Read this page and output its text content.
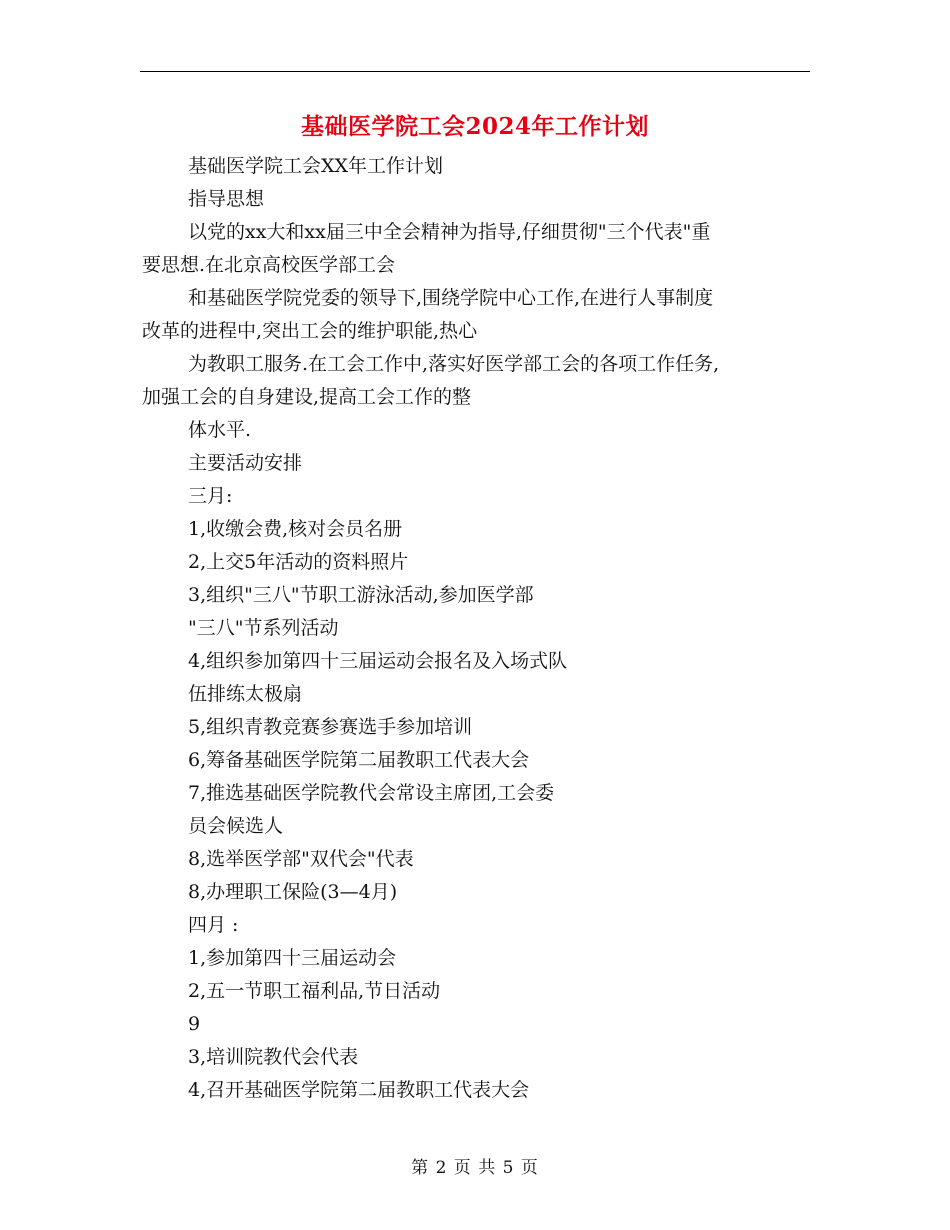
基础医学院工会2024年工作计划
基础医学院工会XX年工作计划
指导思想
以党的xx大和xx届三中全会精神为指导,仔细贯彻"三个代表"重
要思想.在北京高校医学部工会
和基础医学院党委的领导下,围绕学院中心工作,在进行人事制度
改革的进程中,突出工会的维护职能,热心
为教职工服务.在工会工作中,落实好医学部工会的各项工作任务,
加强工会的自身建设,提高工会工作的整
体水平.
主要活动安排
三月:
1,收缴会费,核对会员名册
2,上交5年活动的资料照片
3,组织"三八"节职工游泳活动,参加医学部
"三八"节系列活动
4,组织参加第四十三届运动会报名及入场式队
伍排练太极扇
5,组织青教竞赛参赛选手参加培训
6,筹备基础医学院第二届教职工代表大会
7,推选基础医学院教代会常设主席团,工会委
员会候选人
8,选举医学部"双代会"代表
8,办理职工保险(3—4月)
四月 :
1,参加第四十三届运动会
2,五一节职工福利品,节日活动
9
3,培训院教代会代表
4,召开基础医学院第二届教职工代表大会
第 2 页 共 5 页
